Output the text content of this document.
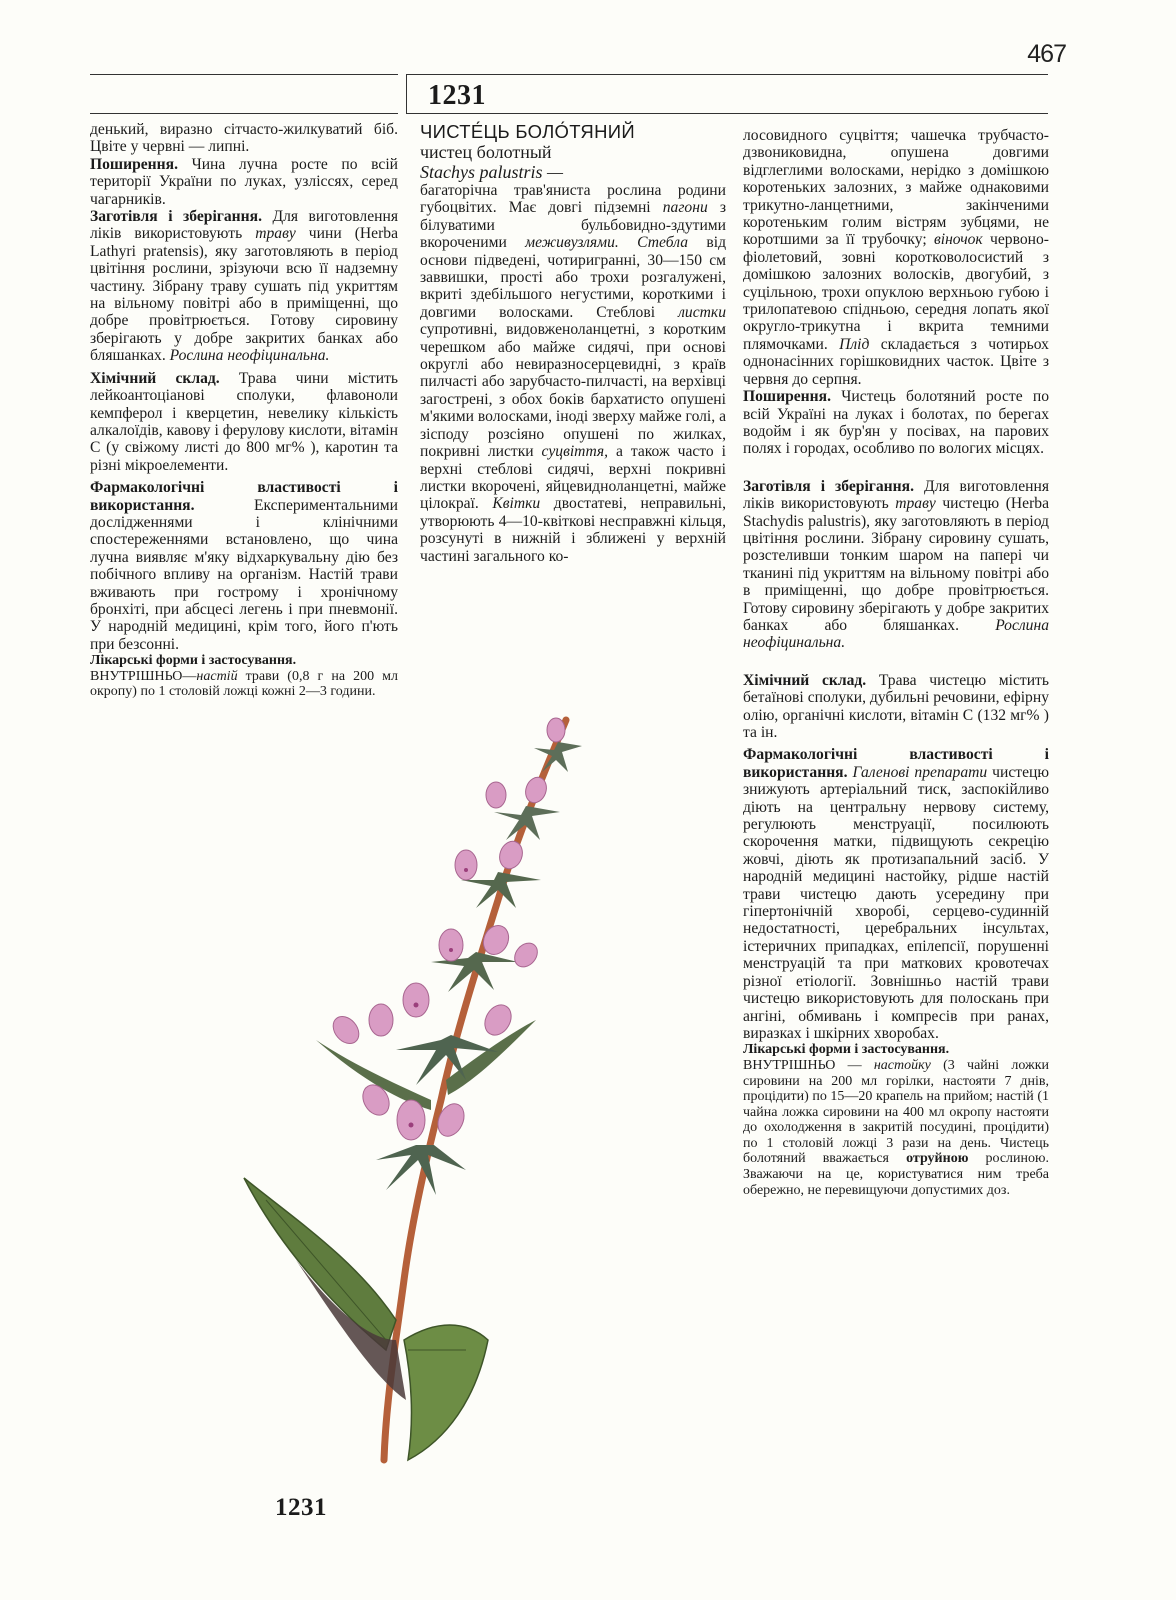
467
1231

денький, виразно сітчасто-жилкуватий біб. Цвіте у червні — липні.

Поширення. Чина лучна росте по всій території України по луках, узліссях, серед чагарників.

Заготівля і зберігання. Для виготовлення ліків використовують траву чини (Herba Lathyri pratensis), яку заготовляють в період цвітіння рослини, зрізуючи всю її надземну частину. Зібрану траву сушать під укриттям на вільному повітрі або в приміщенні, що добре провітрюється. Готову сировину зберігають у добре закритих банках або бляшанках. Рослина неофіцинальна.

Хімічний склад. Трава чини містить лейкоантоціанові сполуки, флавоноли кемпферол і кверцетин, невелику кількість алкалоїдів, кавову і ферулову кислоти, вітамін С (у свіжому листі до 800 мг% ), каротин та різні мікроелементи.

Фармакологічні властивості і використання. Експериментальними дослідженнями і клінічними спостереженнями встановлено, що чина лучна виявляє м'яку відхаркувальну дію без побічного впливу на організм. Настій трави вживають при гострому і хронічному бронхіті, при абсцесі легень і при пневмонії. У народній медицині, крім того, його п'ють при безсонні.

Лікарські форми і застосування.
ВНУТРІШНЬО—настій трави (0,8 г на 200 мл окропу) по 1 столовій ложці кожні 2—3 години.
ЧИСТЕ́ЦЬ БОЛО́ТЯНИЙ
чистец болотный
Stachys palustris —

багаторічна трав'яниста рослина родини губоцвітих. Має довгі підземні пагони з білуватими бульбовидно-здутими вкороченими меживузлями. Стебла від основи підведені, чотиригранні, 30—150 см заввишки, прості або трохи розгалужені, вкриті здебільшого негустими, короткими і довгими волосками. Стеблові листки супротивні, видовженоланцетні, з коротким черешком або майже сидячі, при основі округлі або невиразносерцевидні, з країв пилчасті або зарубчасто-пилчасті, на верхівці загострені, з обох боків бархатисто опушені м'якими волосками, іноді зверху майже голі, а зісподу розсіяно опушені по жилках, покривні листки суцвіття, а також часто і верхні стеблові сидячі, верхні покривні листки вкорочені, яйцевидноланцетні, майже цілокраї. Квітки двостатеві, неправильні, утворюють 4—10-квіткові несправжні кільця, розсунуті в нижній і зближені у верхній частині загального ко-

лосовидного суцвіття; чашечка трубчасто-дзвониковидна, опушена довгими відглеглими волосками, нерідко з домішкою коротеньких залозних, з майже однаковими трикутно-ланцетними, закінченими коротеньким голим вістрям зубцями, не коротшими за її трубочку; віночок червоно-фіолетовий, зовні коротковолосистий з домішкою залозних волосків, двогубий, з суцільною, трохи опуклою верхньою губою і трилопатевою спідньою, середня лопать якої округло-трикутна і вкрита темними плямочками. Плід складається з чотирьох однонасінних горішковидних часток. Цвіте з червня до серпня.

Поширення. Чистець болотяний росте по всій Україні на луках і болотах, по берегах водойм і як бур'ян у посівах, на парових полях і городах, особливо по вологих місцях.

Заготівля і зберігання. Для виготовлення ліків використовують траву чистецю (Herba Stachydis palustris), яку заготовляють в період цвітіння рослини. Зібрану сировину сушать, розстеливши тонким шаром на папері чи тканині під укриттям на вільному повітрі або в приміщенні, що добре провітрюється. Готову сировину зберігають у добре закритих банках або бляшанках. Рослина неофіцинальна.

Хімічний склад. Трава чистецю містить бетаїнові сполуки, дубильні речовини, ефірну олію, органічні кислоти, вітамін С (132 мг% ) та ін.

Фармакологічні властивості і використання. Галенові препарати чистецю знижують артеріальний тиск, заспокійливо діють на центральну нервову систему, регулюють менструації, посилюють скорочення матки, підвищують секрецію жовчі, діють як протизапальний засіб. У народній медицині настойку, рідше настій трави чистецю дають усередину при гіпертонічній хворобі, серцево-судинній недостатності, церебральних інсультах, істеричних припадках, епілепсії, порушенні менструацій та при маткових кровотечах різної етіології. Зовнішньо настій трави чистецю використовують для полоскань при ангіні, обмивань і компресів при ранах, виразках і шкірних хворобах.

Лікарські форми і застосування.
ВНУТРІШНЬО — настойку (3 чайні ложки сировини на 200 мл горілки, настояти 7 днів, процідити) по 15—20 крапель на прийом; настій (1 чайна ложка сировини на 400 мл окропу настояти до охолодження в закритій посудині, процідити) по 1 столовій ложці 3 рази на день. Чистець болотяний вважається отруйною рослиною. Зважаючи на це, користуватися ним треба обережно, не перевищуючи допустимих доз.
1231
